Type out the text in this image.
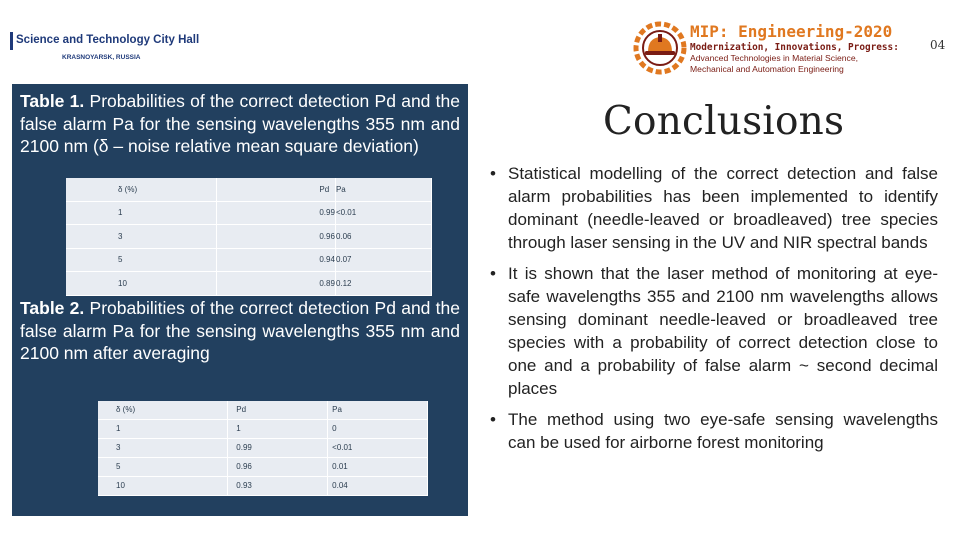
Science and Technology City Hall
KRASNOYARSK, RUSSIA
MIP: Engineering-2020
Modernization, Innovations, Progress:
Advanced Technologies in Material Science,
Mechanical and Automation Engineering
04
Table 1. Probabilities of the correct detection Pd and the false alarm Pa for the sensing wavelengths 355 nm and 2100 nm (δ – noise relative mean square deviation)
δ (%)	Pd	Pa
1	0.99	<0.01
3	0.96	0.06
5	0.94	0.07
10	0.89	0.12
Table 2. Probabilities of the correct detection Pd and the false alarm Pa for the sensing wavelengths 355 nm and 2100 nm after averaging
δ (%)	Pd	Pa
1	1	0
3	0.99	<0.01
5	0.96	0.01
10	0.93	0.04
Conclusions
• Statistical modelling of the correct detection and false alarm probabilities has been implemented to identify dominant (needle-leaved or broadleaved) tree species through laser sensing in the UV and NIR spectral bands
• It is shown that the laser method of monitoring at eye-safe wavelengths 355 and 2100 nm wavelengths allows sensing dominant needle-leaved or broadleaved tree species with a probability of correct detection close to one and a probability of false alarm ~ second decimal places
• The method using two eye-safe sensing wavelengths can be used for airborne forest monitoring
